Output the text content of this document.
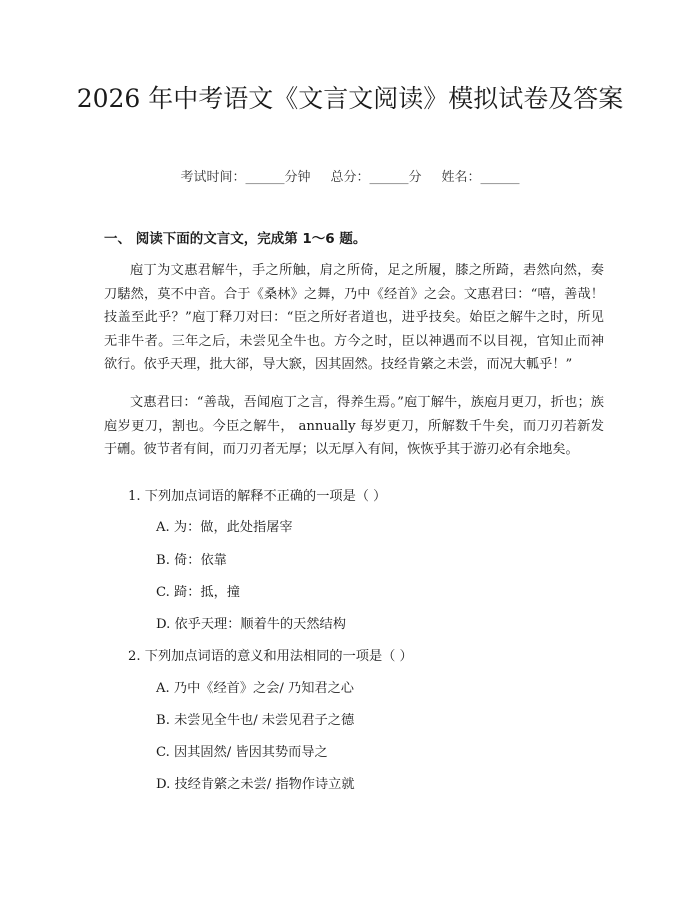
2026 年中考语文《文言文阅读》模拟试卷及答案
考试时间：______分钟 总分：______分 姓名：______
一、 阅读下面的文言文，完成第 1～6 题。

庖丁为文惠君解牛，手之所触，肩之所倚，足之所履，膝之所踦，砉然向然，奏刀騞然，莫不中音。合于《桑林》之舞，乃中《经首》之会。文惠君曰：“嘻，善哉！技盖至此乎？”庖丁释刀对曰：“臣之所好者道也，进乎技矣。始臣之解牛之时，所见无非牛者。三年之后，未尝见全牛也。方今之时，臣以神遇而不以目视，官知止而神欲行。依乎天理，批大郤，导大窾，因其固然。技经肯綮之未尝，而况大軱乎！”

文惠君曰：“善哉，吾闻庖丁之言，得养生焉。”庖丁解牛，族庖月更刀，折也；族庖岁更刀，割也。今臣之解牛， annually 每岁更刀，所解数千牛矣，而刀刃若新发于硎。彼节者有间，而刀刃者无厚；以无厚入有间，恢恢乎其于游刃必有余地矣。

1. 下列加点词语的解释不正确的一项是（ ）
A. 为：做，此处指屠宰
B. 倚：依靠
C. 踦：抵，撞
D. 依乎天理：顺着牛的天然结构
2. 下列加点词语的意义和用法相同的一项是（ ）
A. 乃中《经首》之会/ 乃知君之心
B. 未尝见全牛也/ 未尝见君子之德
C. 因其固然/ 皆因其势而导之
D. 技经肯綮之未尝/ 指物作诗立就
